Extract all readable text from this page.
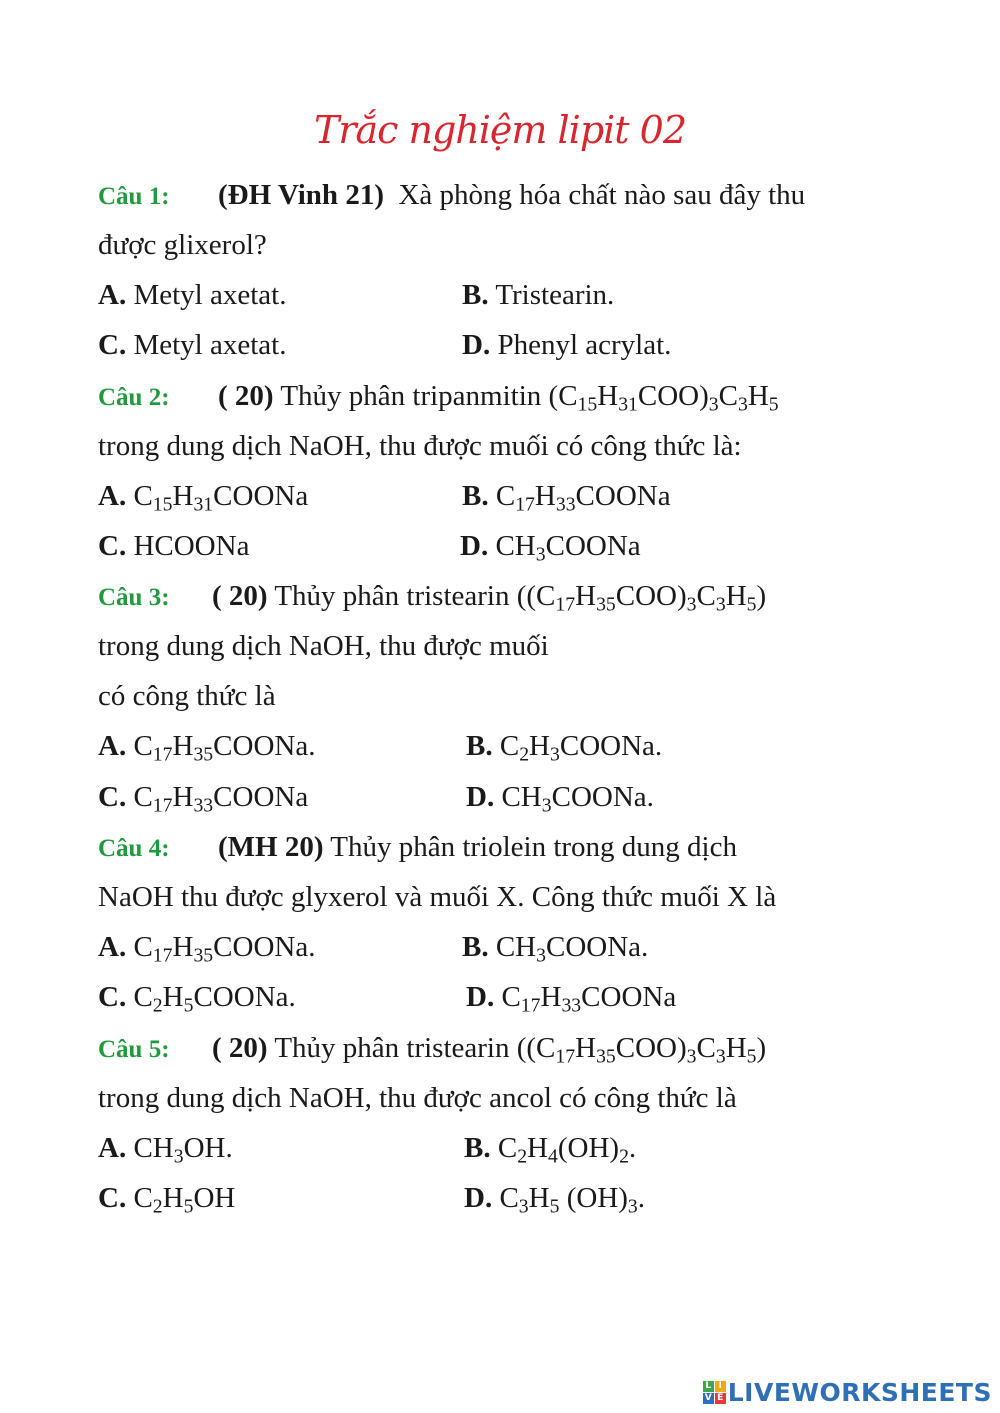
Trắc nghiệm lipit 02
Câu 1: (ĐH Vinh 21) Xà phòng hóa chất nào sau đây thu
được glixerol?
A. Metyl axetat.	B. Tristearin.
C. Metyl axetat.	D. Phenyl acrylat.
Câu 2: ( 20) Thủy phân tripanmitin $(C_{15}H_{31}COO)_3C_3H_5$
trong dung dịch NaOH, thu được muối có công thức là:
A. $C_{15}H_{31}COONa$	B. $C_{17}H_{33}COONa$
C. HCOONa	D. $CH_3COONa$
Câu 3: ( 20) Thủy phân tristearin $((C_{17}H_{35}COO)_3C_3H_5)$
trong dung dịch NaOH, thu được muối
có công thức là
A. $C_{17}H_{35}COONa$.	B. $C_2H_3COONa$.
C. $C_{17}H_{33}COONa$	D. $CH_3COONa$.
Câu 4: (MH 20) Thủy phân triolein trong dung dịch
NaOH thu được glyxerol và muối X. Công thức muối X là
A. $C_{17}H_{35}COONa$.	B. $CH_3COONa$.
C. $C_2H_5COONa$.	D. $C_{17}H_{33}COONa$
Câu 5: ( 20) Thủy phân tristearin $((C_{17}H_{35}COO)_3C_3H_5)$
trong dung dịch NaOH, thu được ancol có công thức là
A. $CH_3OH$.	B. $C_2H_4(OH)_2$.
C. $C_2H_5OH$	D. $C_3H_5$ $(OH)_3$.
L I
V E LIVEWORKSHEETS
